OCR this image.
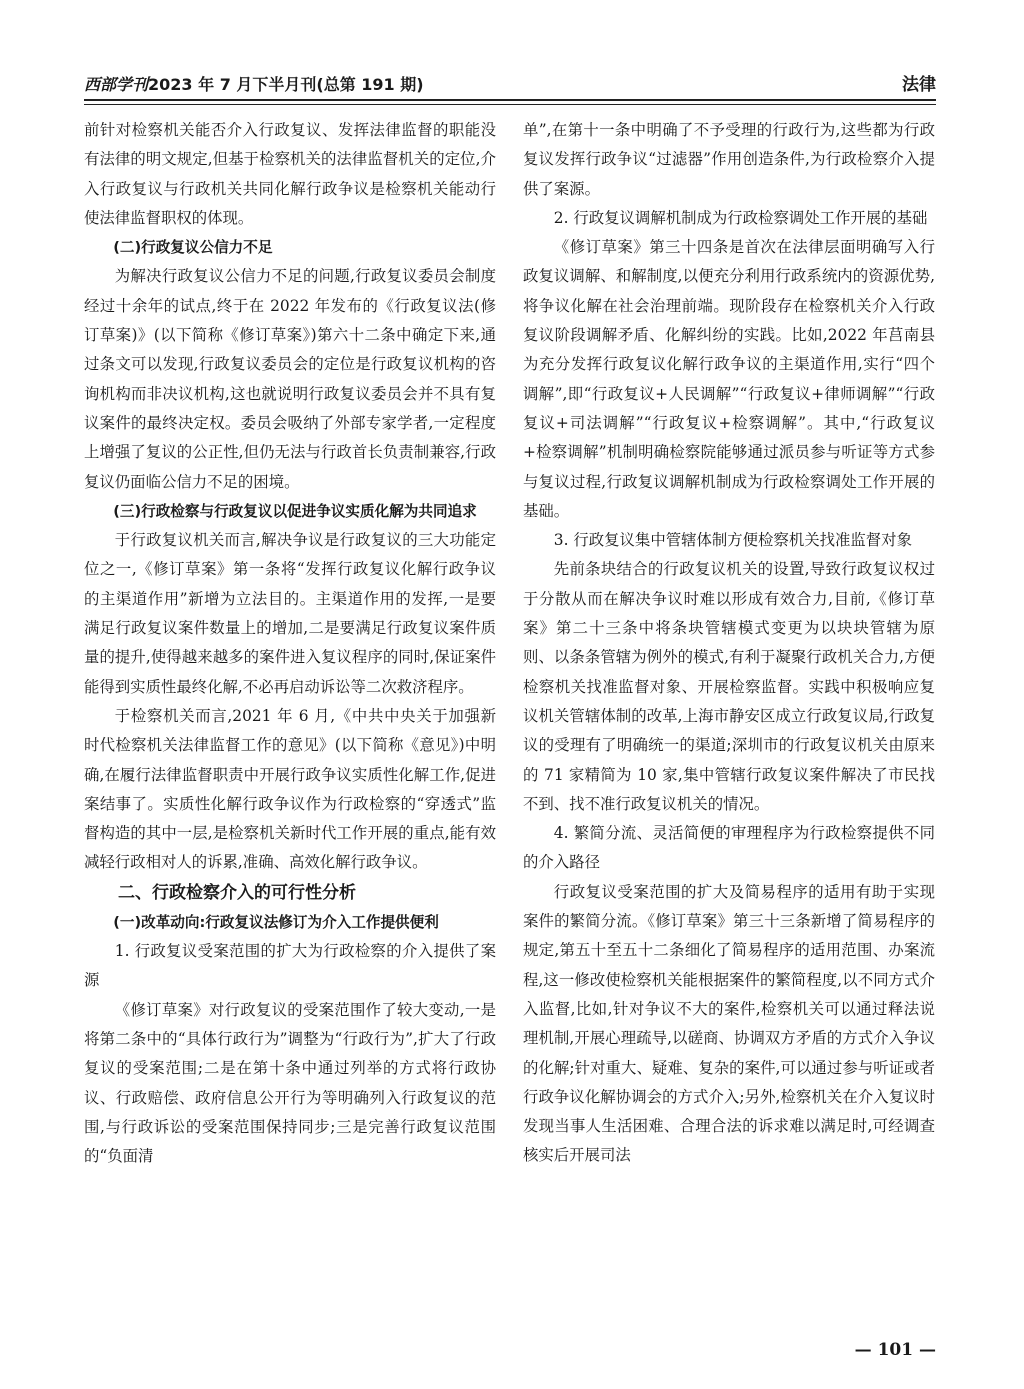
西部学刊2023 年 7 月下半月刊(总第 191 期)	法律

前针对检察机关能否介入行政复议、发挥法律监督的职能没有法律的明文规定,但基于检察机关的法律监督机关的定位,介入行政复议与行政机关共同化解行政争议是检察机关能动行使法律监督职权的体现。

(二)行政复议公信力不足

为解决行政复议公信力不足的问题,行政复议委员会制度经过十余年的试点,终于在 2022 年发布的《行政复议法(修订草案)》(以下简称《修订草案》)第六十二条中确定下来,通过条文可以发现,行政复议委员会的定位是行政复议机构的咨询机构而非决议机构,这也就说明行政复议委员会并不具有复议案件的最终决定权。委员会吸纳了外部专家学者,一定程度上增强了复议的公正性,但仍无法与行政首长负责制兼容,行政复议仍面临公信力不足的困境。

(三)行政检察与行政复议以促进争议实质化解为共同追求

于行政复议机关而言,解决争议是行政复议的三大功能定位之一,《修订草案》第一条将“发挥行政复议化解行政争议的主渠道作用”新增为立法目的。主渠道作用的发挥,一是要满足行政复议案件数量上的增加,二是要满足行政复议案件质量的提升,使得越来越多的案件进入复议程序的同时,保证案件能得到实质性最终化解,不必再启动诉讼等二次救济程序。

于检察机关而言,2021 年 6 月,《中共中央关于加强新时代检察机关法律监督工作的意见》(以下简称《意见》)中明确,在履行法律监督职责中开展行政争议实质性化解工作,促进案结事了。实质性化解行政争议作为行政检察的“穿透式”监督构造的其中一层,是检察机关新时代工作开展的重点,能有效减轻行政相对人的诉累,准确、高效化解行政争议。

二、行政检察介入的可行性分析

(一)改革动向:行政复议法修订为介入工作提供便利

1. 行政复议受案范围的扩大为行政检察的介入提供了案源

《修订草案》对行政复议的受案范围作了较大变动,一是将第二条中的“具体行政行为”调整为“行政行为”,扩大了行政复议的受案范围;二是在第十条中通过列举的方式将行政协议、行政赔偿、政府信息公开行为等明确列入行政复议的范围,与行政诉讼的受案范围保持同步;三是完善行政复议范围的“负面清

单”,在第十一条中明确了不予受理的行政行为,这些都为行政复议发挥行政争议“过滤器”作用创造条件,为行政检察介入提供了案源。

2. 行政复议调解机制成为行政检察调处工作开展的基础

《修订草案》第三十四条是首次在法律层面明确写入行政复议调解、和解制度,以便充分利用行政系统内的资源优势,将争议化解在社会治理前端。现阶段存在检察机关介入行政复议阶段调解矛盾、化解纠纷的实践。比如,2022 年莒南县为充分发挥行政复议化解行政争议的主渠道作用,实行“四个调解”,即“行政复议+人民调解”“行政复议+律师调解”“行政复议+司法调解”“行政复议+检察调解”。其中,“行政复议+检察调解”机制明确检察院能够通过派员参与听证等方式参与复议过程,行政复议调解机制成为行政检察调处工作开展的基础。

3. 行政复议集中管辖体制方便检察机关找准监督对象

先前条块结合的行政复议机关的设置,导致行政复议权过于分散从而在解决争议时难以形成有效合力,目前,《修订草案》第二十三条中将条块管辖模式变更为以块块管辖为原则、以条条管辖为例外的模式,有利于凝聚行政机关合力,方便检察机关找准监督对象、开展检察监督。实践中积极响应复议机关管辖体制的改革,上海市静安区成立行政复议局,行政复议的受理有了明确统一的渠道;深圳市的行政复议机关由原来的 71 家精简为 10 家,集中管辖行政复议案件解决了市民找不到、找不准行政复议机关的情况。

4. 繁简分流、灵活简便的审理程序为行政检察提供不同的介入路径

行政复议受案范围的扩大及简易程序的适用有助于实现案件的繁简分流。《修订草案》第三十三条新增了简易程序的规定,第五十至五十二条细化了简易程序的适用范围、办案流程,这一修改使检察机关能根据案件的繁简程度,以不同方式介入监督,比如,针对争议不大的案件,检察机关可以通过释法说理机制,开展心理疏导,以磋商、协调双方矛盾的方式介入争议的化解;针对重大、疑难、复杂的案件,可以通过参与听证或者行政争议化解协调会的方式介入;另外,检察机关在介入复议时发现当事人生活困难、合理合法的诉求难以满足时,可经调查核实后开展司法

— 101 —
